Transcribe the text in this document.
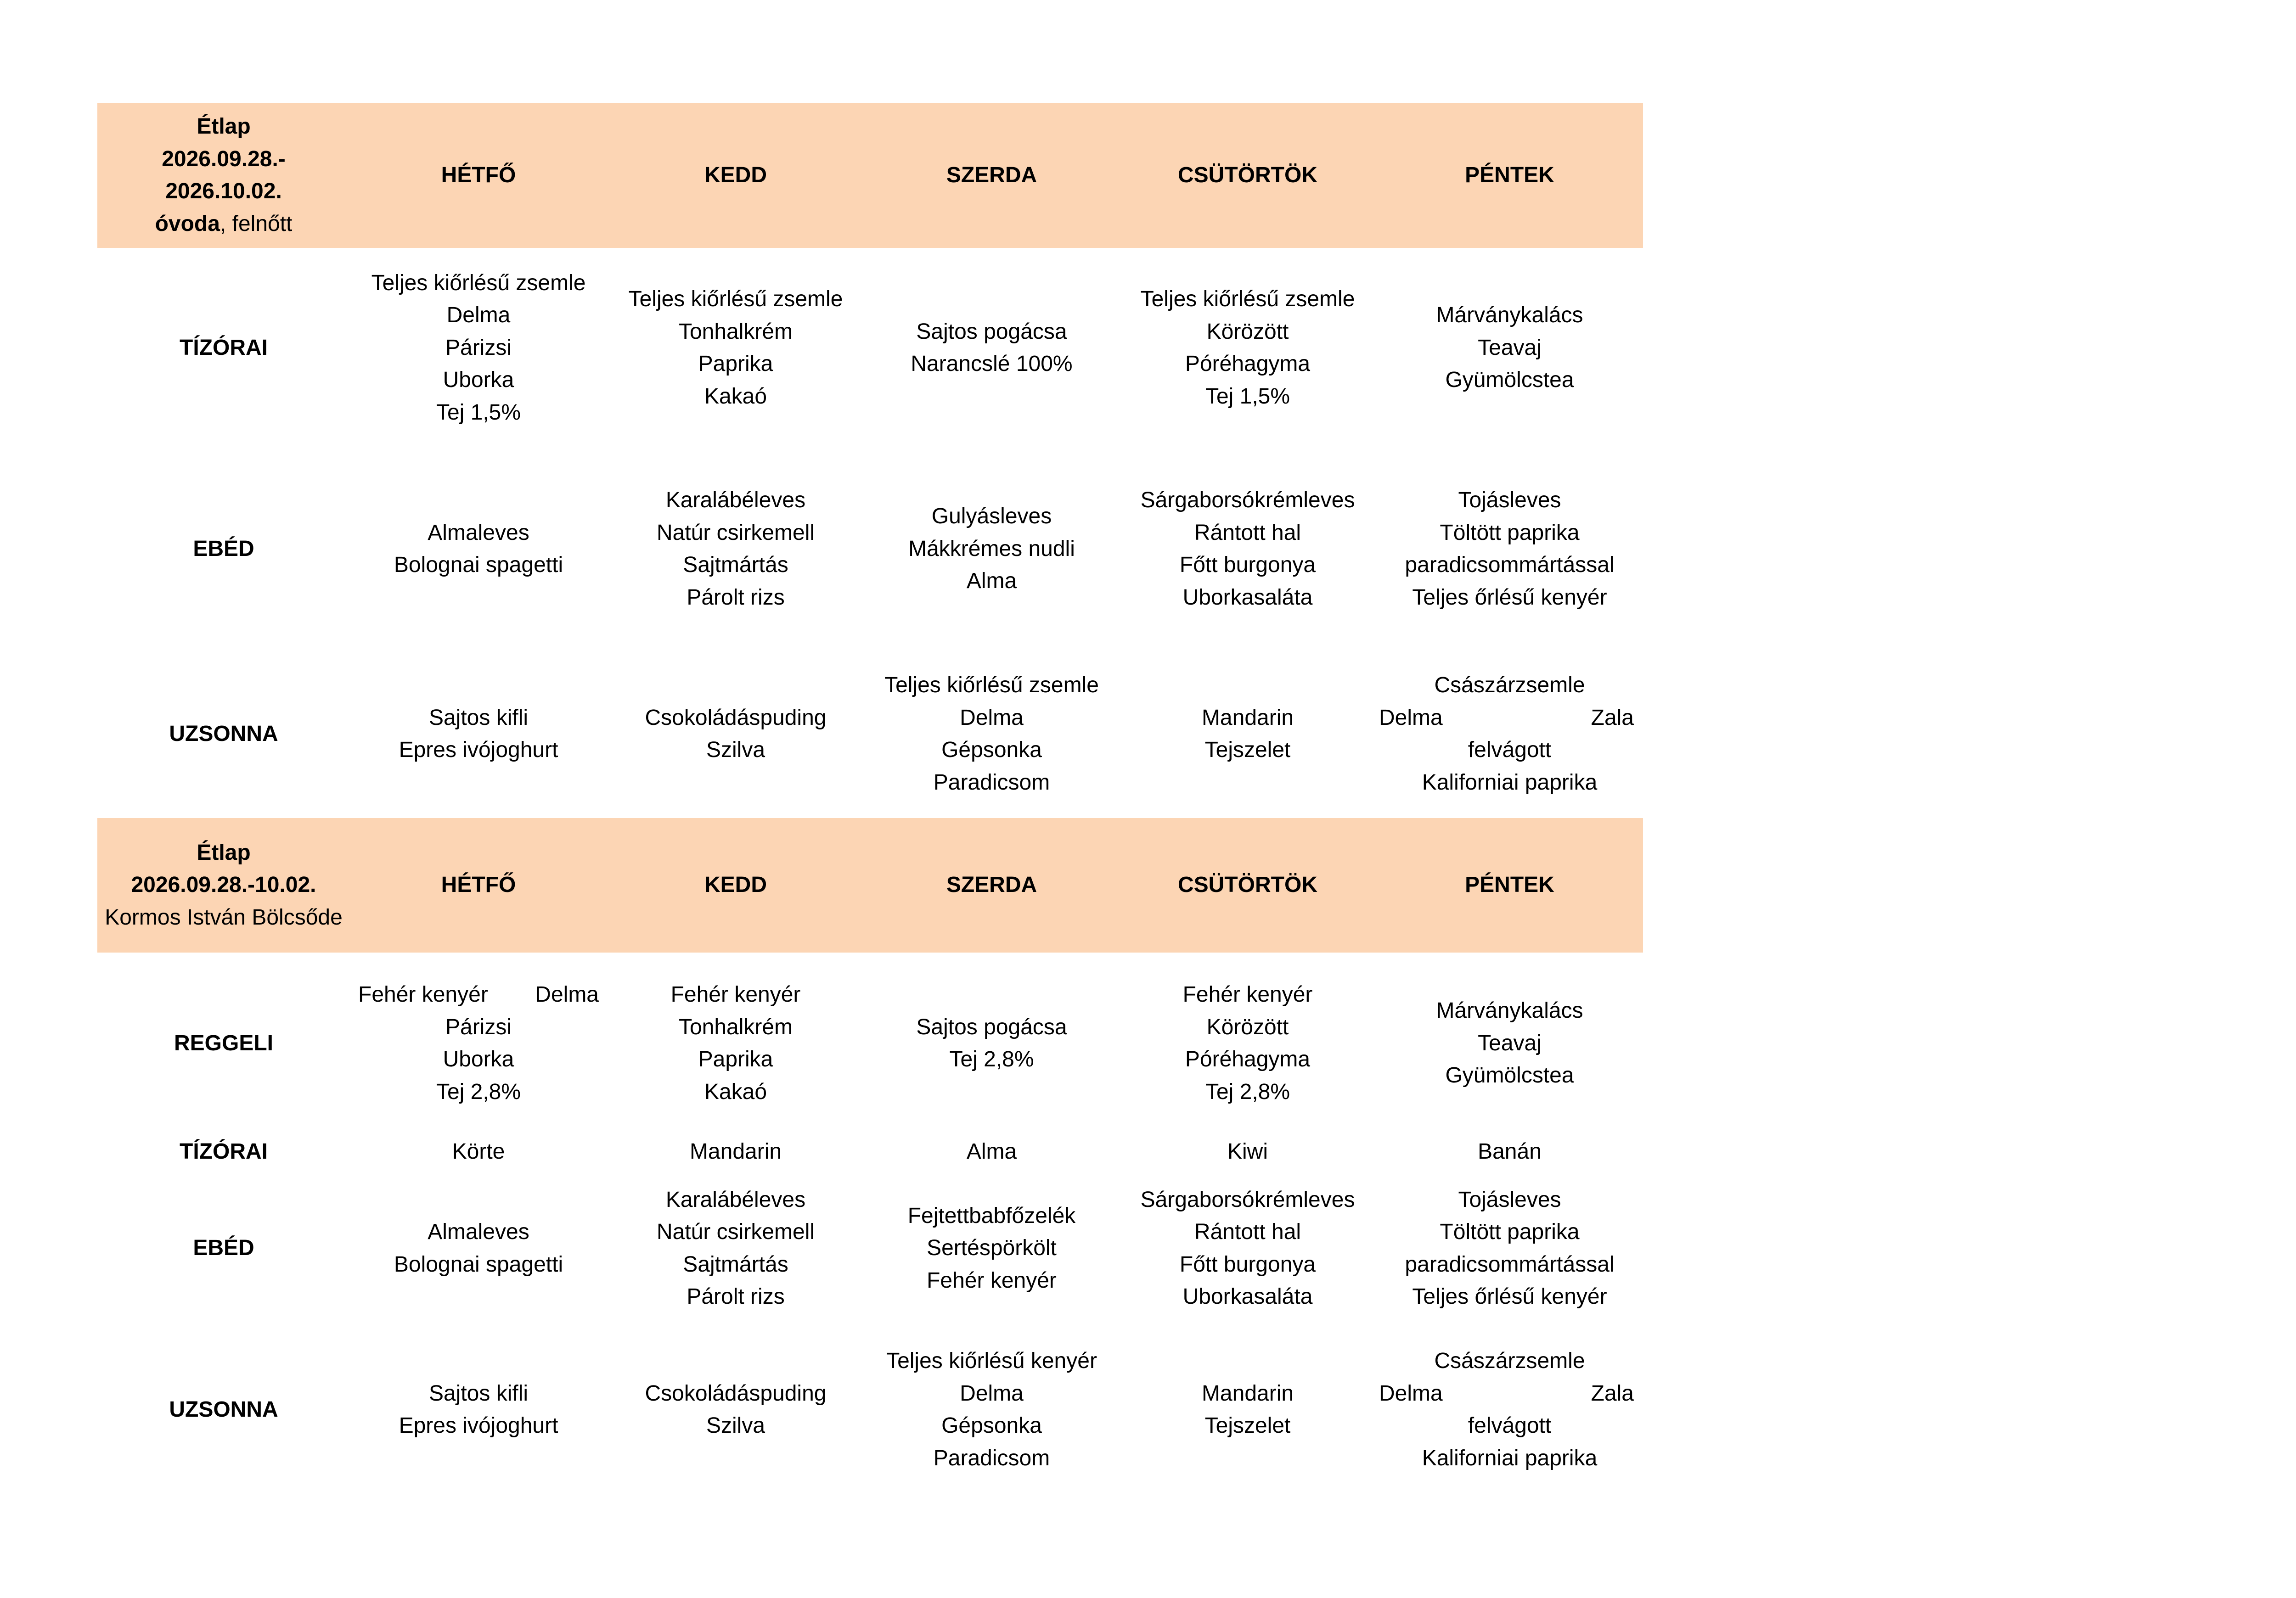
Étlap
2026.09.28.-
2026.10.02.
óvoda, felnőtt	HÉTFŐ	KEDD	SZERDA	CSÜTÖRTÖK	PÉNTEK
TÍZÓRAI	Teljes kiőrlésű zsemle
Delma
Párizsi
Uborka
Tej 1,5%	Teljes kiőrlésű zsemle
Tonhalkrém
Paprika
Kakaó	Sajtos pogácsa
Narancslé 100%	Teljes kiőrlésű zsemle
Körözött
Póréhagyma
Tej 1,5%	Márványkalács
Teavaj
Gyümölcstea

EBÉD	Almaleves
Bolognai spagetti	Karalábéleves
Natúr csirkemell
Sajtmártás
Párolt rizs	Gulyásleves
Mákkrémes nudli
Alma	Sárgaborsókrémleves
Rántott hal
Főtt burgonya
Uborkasaláta	Tojásleves
Töltött paprika
paradicsommártással
Teljes őrlésű kenyér

UZSONNA	Sajtos kifli
Epres ivójoghurt	Csokoládáspuding
Szilva	Teljes kiőrlésű zsemle
Delma
Gépsonka
Paradicsom	Mandarin
Tejszelet	Császárzsemle
Delma Zala
felvágott
Kaliforniai paprika

Étlap
2026.09.28.-10.02.
Kormos István Bölcsőde	HÉTFŐ	KEDD	SZERDA	CSÜTÖRTÖK	PÉNTEK
REGGELI	Fehér kenyér Delma
Párizsi
Uborka
Tej 2,8%	Fehér kenyér
Tonhalkrém
Paprika
Kakaó	Sajtos pogácsa
Tej 2,8%	Fehér kenyér
Körözött
Póréhagyma
Tej 2,8%	Márványkalács
Teavaj
Gyümölcstea

TÍZÓRAI	Körte	Mandarin	Alma	Kiwi	Banán

EBÉD	Almaleves
Bolognai spagetti	Karalábéleves
Natúr csirkemell
Sajtmártás
Párolt rizs	Fejtettbabfőzelék
Sertéspörkölt
Fehér kenyér	Sárgaborsókrémleves
Rántott hal
Főtt burgonya
Uborkasaláta	Tojásleves
Töltött paprika
paradicsommártással
Teljes őrlésű kenyér

UZSONNA	Sajtos kifli
Epres ivójoghurt	Csokoládáspuding
Szilva	Teljes kiőrlésű kenyér
Delma
Gépsonka
Paradicsom	Mandarin
Tejszelet	Császárzsemle
Delma Zala
felvágott
Kaliforniai paprika
